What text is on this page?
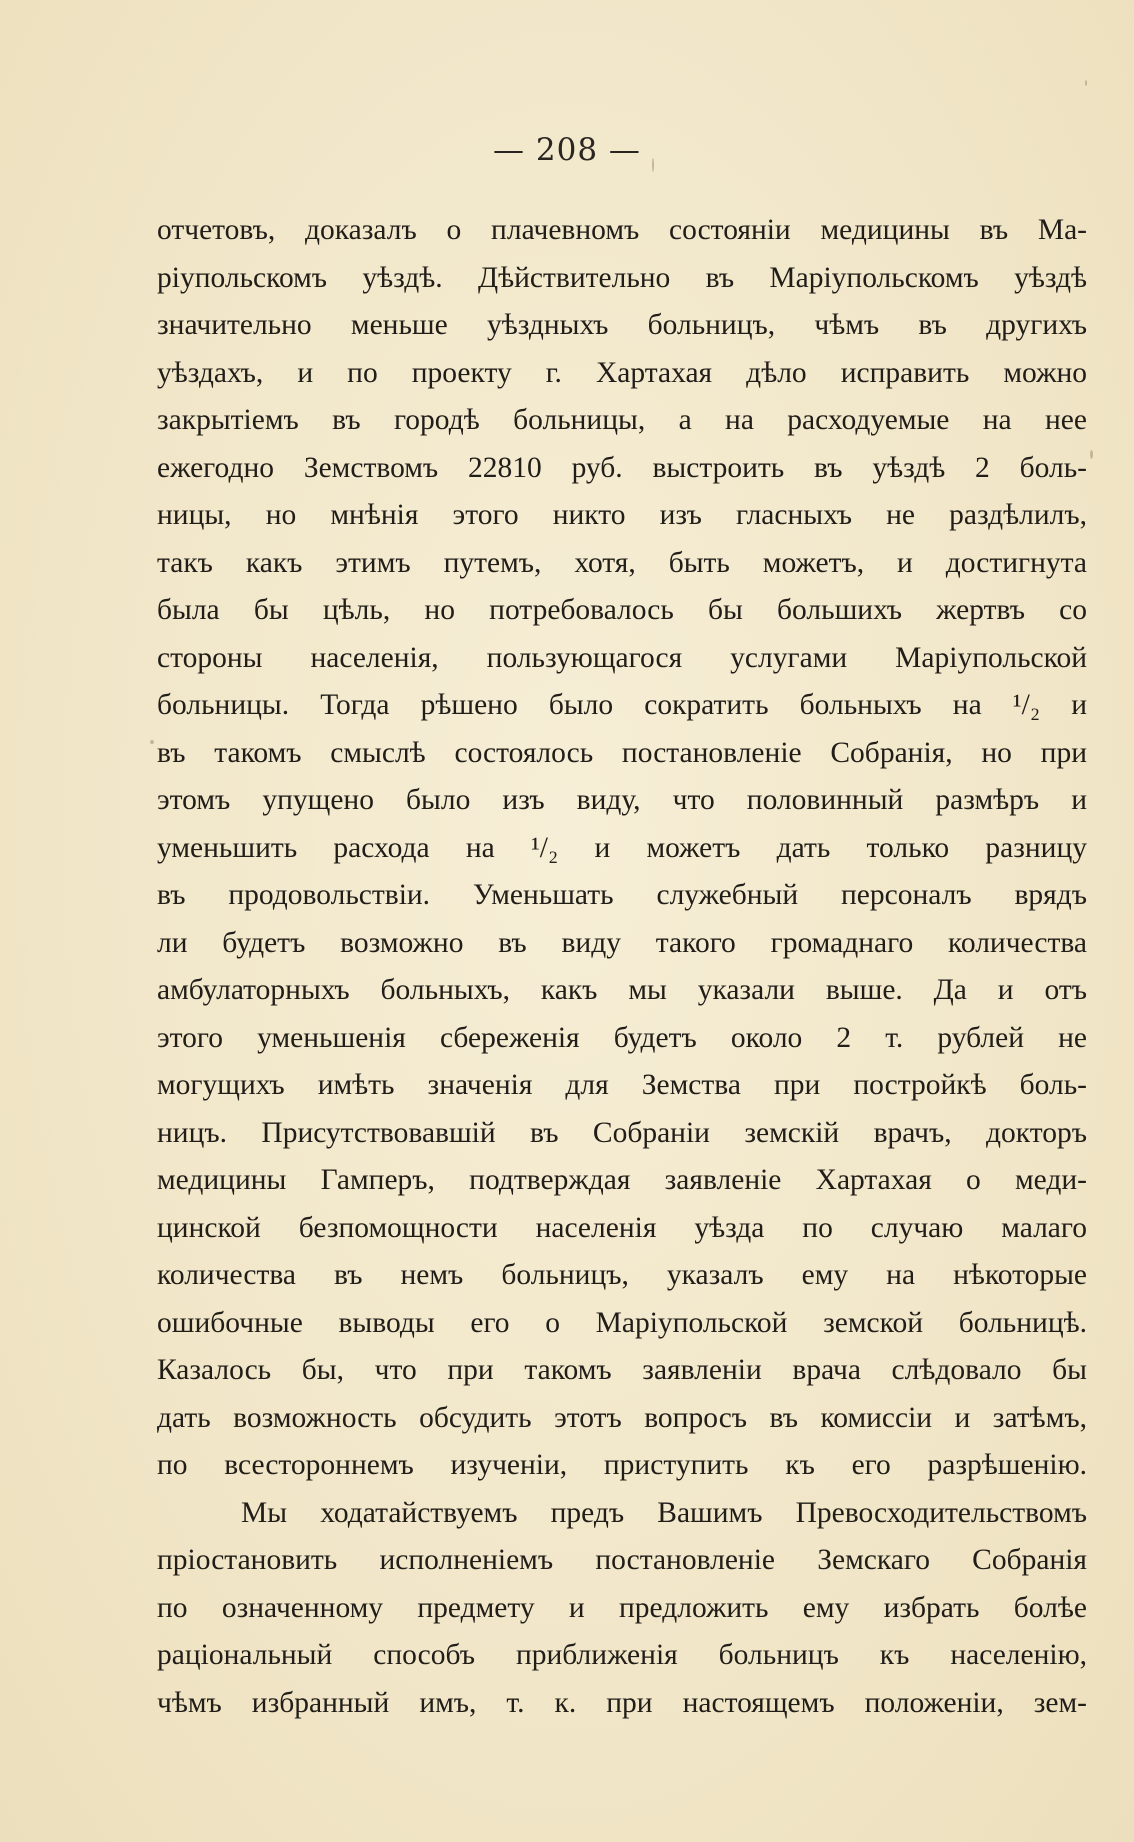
— 208 —
отчетовъ, доказалъ о плачевномъ состоянiи медицины въ Ма-
рiупольскомъ уѣздѣ. Дѣйствительно въ Марiупольскомъ уѣздѣ
значительно меньше уѣздныхъ больницъ, чѣмъ въ другихъ
уѣздахъ, и по проекту г. Хартахая дѣло исправить можно
закрытiемъ въ городѣ больницы, а на расходуемые на нее
ежегодно Земствомъ 22810 руб. выстроить въ уѣздѣ 2 боль-
ницы, но мнѣнiя этого никто изъ гласныхъ не раздѣлилъ,
такъ какъ этимъ путемъ, хотя, быть можетъ, и достигнута
была бы цѣль, но потребовалось бы большихъ жертвъ со
стороны населенiя, пользующагося услугами Марiупольской
больницы. Тогда рѣшено было сократить больныхъ на ¹/₂ и
въ такомъ смыслѣ состоялось постановленiе Собранiя, но при
этомъ упущено было изъ виду, что половинный размѣръ и
уменьшить расхода на ¹/₂ и можетъ дать только разницу
въ продовольствiи. Уменьшать служебный персоналъ врядъ
ли будетъ возможно въ виду такого громаднаго количества
амбулаторныхъ больныхъ, какъ мы указали выше. Да и отъ
этого уменьшенiя сбереженiя будетъ около 2 т. рублей не
могущихъ имѣть значенiя для Земства при постройкѣ боль-
ницъ. Присутствовавшiй въ Собранiи земскiй врачъ, докторъ
медицины Гамперъ, подтверждая заявленiе Хартахая о меди-
цинской безпомощности населенiя уѣзда по случаю малаго
количества въ немъ больницъ, указалъ ему на нѣкоторые
ошибочные выводы его о Марiупольской земской больницѣ.
Казалось бы, что при такомъ заявленiи врача слѣдовало бы
дать возможность обсудить этотъ вопросъ въ комиссiи и затѣмъ,
по всестороннемъ изученiи, приступить къ его разрѣшенiю.
Мы ходатайствуемъ предъ Вашимъ Превосходительствомъ
прiостановить исполненiемъ постановленiе Земскаго Собранiя
по означенному предмету и предложить ему избрать болѣе
рацiональный способъ приближенiя больницъ къ населенiю,
чѣмъ избранный имъ, т. к. при настоящемъ положенiи, зем-
